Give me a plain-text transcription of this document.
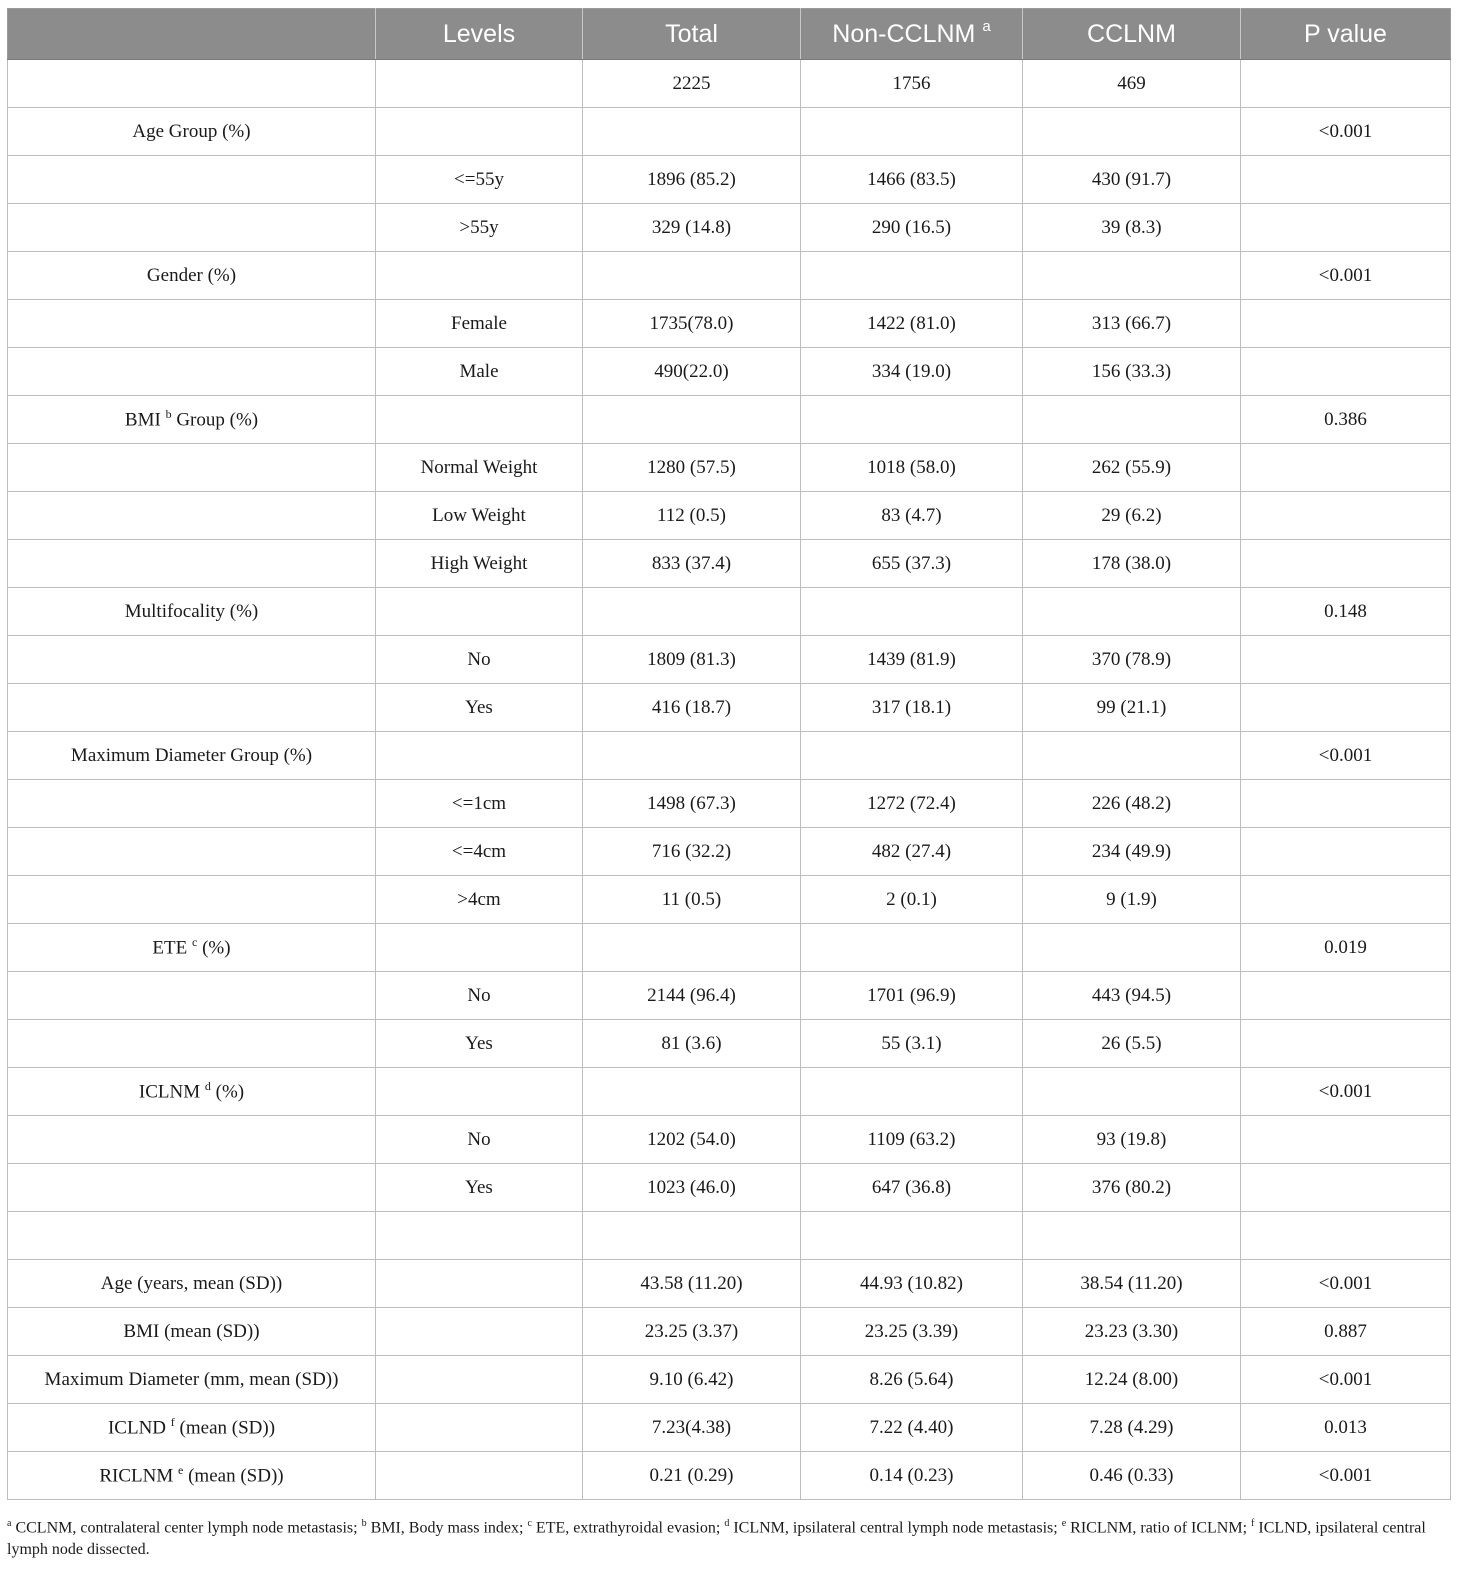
	Levels	Total	Non-CCLNM $^a$	CCLNM	P value
		2225	1756	469	
Age Group (%)					<0.001
	<=55y	1896 (85.2)	1466 (83.5)	430 (91.7)	
	>55y	329 (14.8)	290 (16.5)	39 (8.3)	
Gender (%)					<0.001
	Female	1735(78.0)	1422 (81.0)	313 (66.7)	
	Male	490(22.0)	334 (19.0)	156 (33.3)	
BMI $^b$ Group (%)					0.386
	Normal Weight	1280 (57.5)	1018 (58.0)	262 (55.9)	
	Low Weight	112 (0.5)	83 (4.7)	29 (6.2)	
	High Weight	833 (37.4)	655 (37.3)	178 (38.0)	
Multifocality (%)					0.148
	No	1809 (81.3)	1439 (81.9)	370 (78.9)	
	Yes	416 (18.7)	317 (18.1)	99 (21.1)	
Maximum Diameter Group (%)					<0.001
	<=1cm	1498 (67.3)	1272 (72.4)	226 (48.2)	
	<=4cm	716 (32.2)	482 (27.4)	234 (49.9)	
	>4cm	11 (0.5)	2 (0.1)	9 (1.9)	
ETE $^c$ (%)					0.019
	No	2144 (96.4)	1701 (96.9)	443 (94.5)	
	Yes	81 (3.6)	55 (3.1)	26 (5.5)	
ICLNM $^d$ (%)					<0.001
	No	1202 (54.0)	1109 (63.2)	93 (19.8)	
	Yes	1023 (46.0)	647 (36.8)	376 (80.2)	

Age (years, mean (SD))		43.58 (11.20)	44.93 (10.82)	38.54 (11.20)	<0.001
BMI (mean (SD))		23.25 (3.37)	23.25 (3.39)	23.23 (3.30)	0.887
Maximum Diameter (mm, mean (SD))		9.10 (6.42)	8.26 (5.64)	12.24 (8.00)	<0.001
ICLND $^f$ (mean (SD))		7.23(4.38)	7.22 (4.40)	7.28 (4.29)	0.013
RICLNM $^e$ (mean (SD))		0.21 (0.29)	0.14 (0.23)	0.46 (0.33)	<0.001
$^a$ CCLNM, contralateral center lymph node metastasis; $^b$ BMI, Body mass index; $^c$ ETE, extrathyroidal evasion; $^d$ ICLNM, ipsilateral central lymph node metastasis; $^e$ RICLNM, ratio of ICLNM; $^f$ ICLND, ipsilateral central lymph node dissected.
